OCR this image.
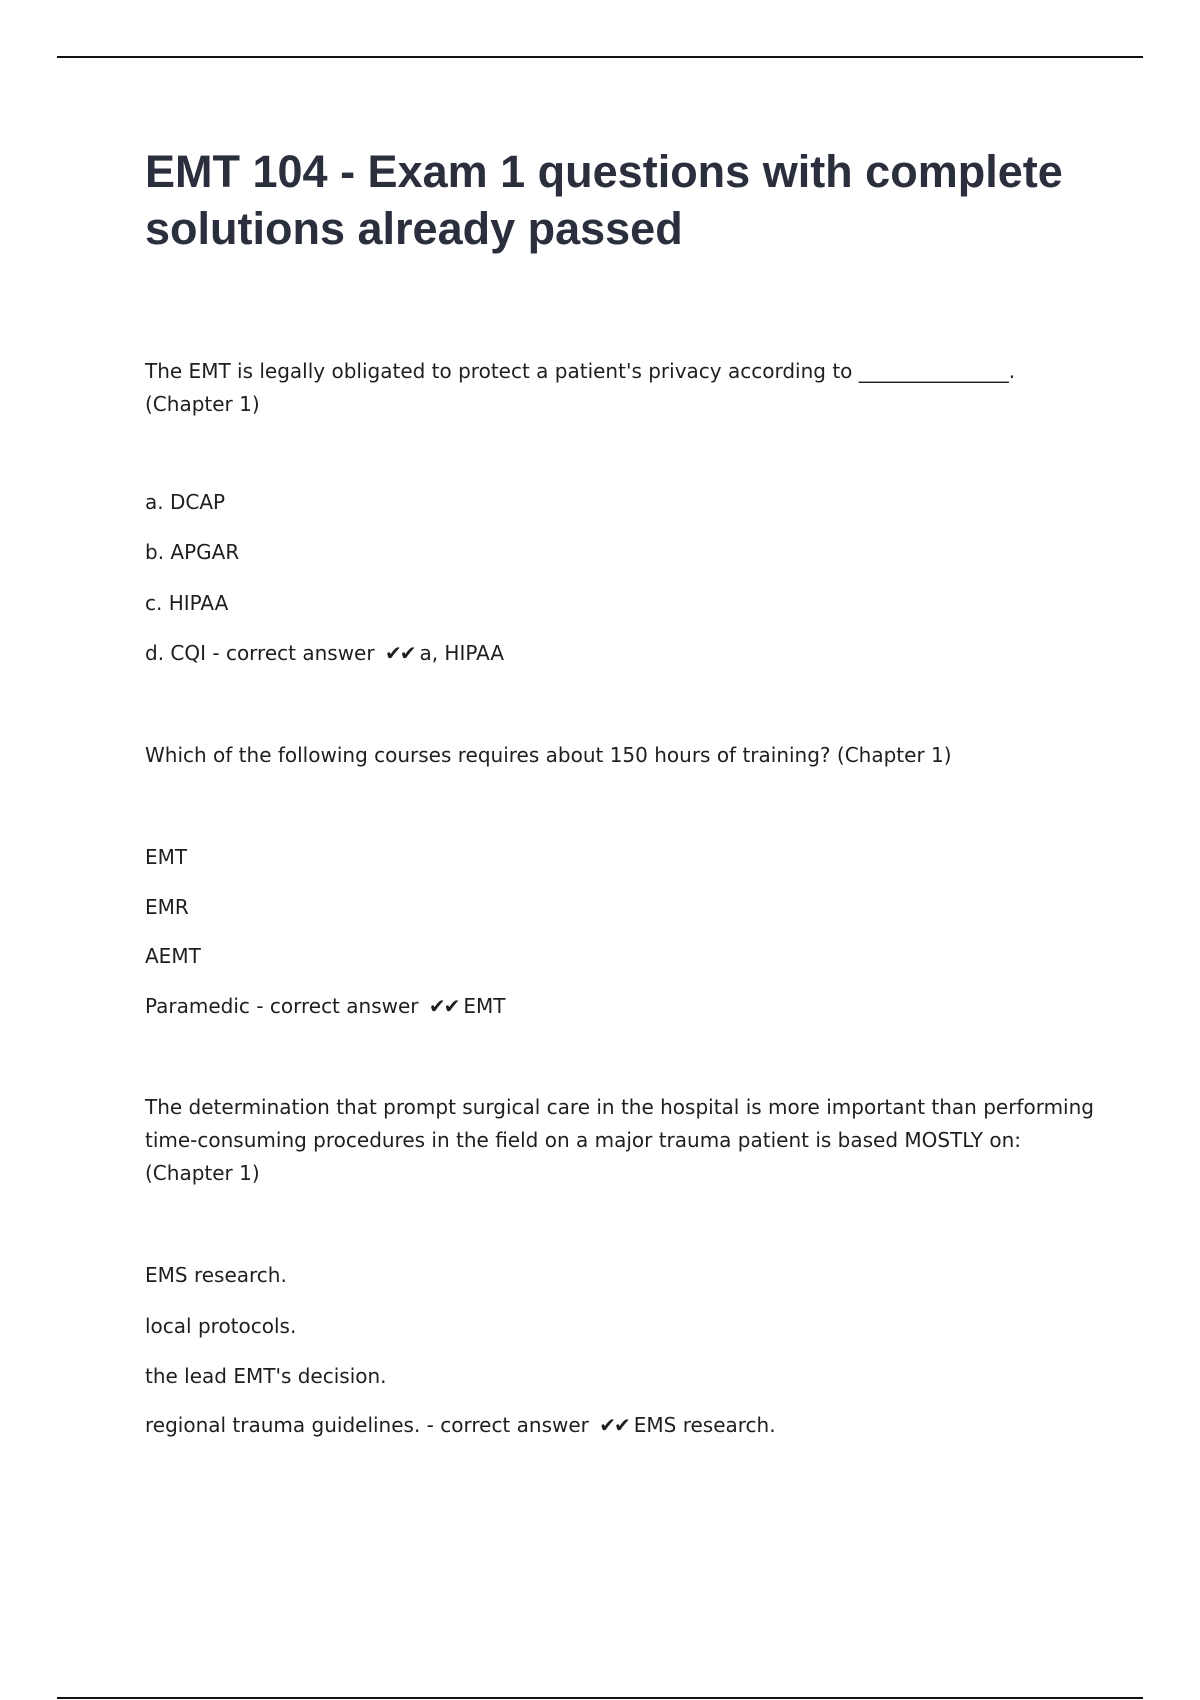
EMT 104 - Exam 1 questions with complete solutions already passed

The EMT is legally obligated to protect a patient's privacy according to _______________. (Chapter 1)

a. DCAP
b. APGAR
c. HIPAA
d. CQI - correct answer ✔✔ a, HIPAA

Which of the following courses requires about 150 hours of training? (Chapter 1)

EMT
EMR
AEMT
Paramedic - correct answer ✔✔ EMT

The determination that prompt surgical care in the hospital is more important than performing time-consuming procedures in the field on a major trauma patient is based MOSTLY on: (Chapter 1)

EMS research.
local protocols.
the lead EMT's decision.
regional trauma guidelines. - correct answer ✔✔ EMS research.
